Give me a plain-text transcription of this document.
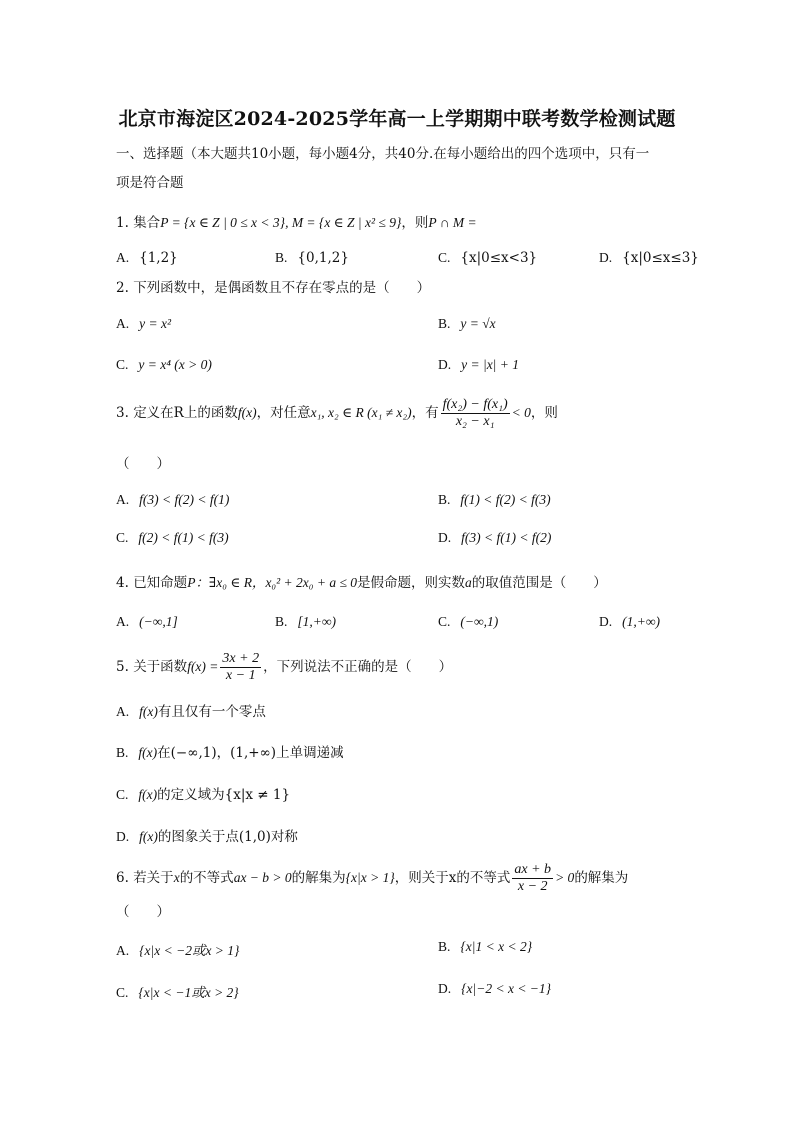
北京市海淀区2024-2025学年高一上学期期中联考数学检测试题
一、选择题（本大题共10小题，每小题4分，共40分.在每小题给出的四个选项中，只有一
项是符合题
1. 集合P = {x ∈ Z | 0 ≤ x < 3}, M = {x ∈ Z | x² ≤ 9}，则P ∩ M =
A. {1,2}	B. {0,1,2}	C. {x|0≤x<3}	D. {x|0≤x≤3}
2. 下列函数中，是偶函数且不存在零点的是（　　）
A. y = x²	B. y = √x
C. y = x⁴ (x > 0)	D. y = |x| + 1
3. 定义在R上的函数f(x)，对任意x₁, x₂ ∈ R (x₁ ≠ x₂)，有 $\frac{\text{f(x₂) − f(x₁)}}{\text{x₂ − x₁}} < 0$，则
（　　）
A. f(3) < f(2) < f(1)	B. f(1) < f(2) < f(3)
C. f(2) < f(1) < f(3)	D. f(3) < f(1) < f(2)
4. 已知命题P：∃x₀ ∈ R，x₀² + 2x₀ + a ≤ 0是假命题，则实数a的取值范围是（　　）
A. (−∞,1]	B. [1,+∞)	C. (−∞,1)	D. (1,+∞)
5. 关于函数$f(x) = \frac{3x + 2}{x - 1}$ ，下列说法不正确的是（　　）
A. f(x)有且仅有一个零点
B. f(x)在(−∞,1)，(1,+∞)上单调递减
C. f(x)的定义域为{x|x ≠ 1}
D. f(x)的图象关于点(1,0)对称
6. 若关于x的不等式ax − b > 0的解集为{x|x > 1}，则关于x的不等式 $\frac{ax + b}{x - 2} > 0$的解集为
（　　）
A. {x|x < −2或x > 1}	B. {x|1 < x < 2}
C. {x|x < −1或x > 2}	D. {x|−2 < x < −1}
